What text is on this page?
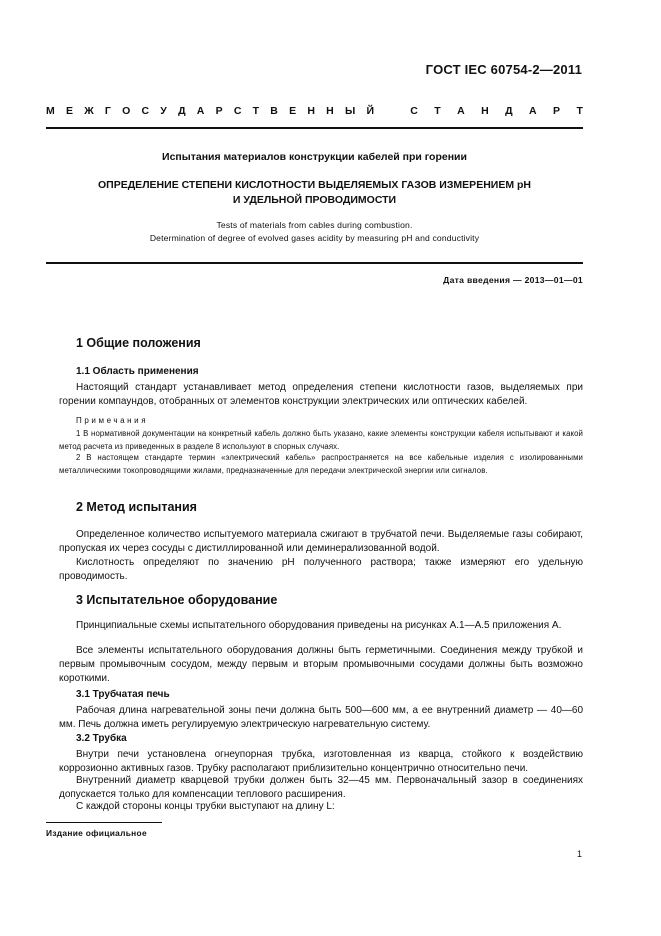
ГОСТ IEC 60754-2—2011
М Е Ж Г О С У Д А Р С Т В Е Н Н Ы Й	С Т А Н Д А Р Т
Испытания материалов конструкции кабелей при горении
ОПРЕДЕЛЕНИЕ СТЕПЕНИ КИСЛОТНОСТИ ВЫДЕЛЯЕМЫХ ГАЗОВ ИЗМЕРЕНИЕМ рН
И УДЕЛЬНОЙ ПРОВОДИМОСТИ
Tests of materials from cables during combustion.
Determination of degree of evolved gases acidity by measuring pH and conductivity
Дата введения — 2013—01—01
1 Общие положения
1.1 Область применения

Настоящий стандарт устанавливает метод определения степени кислотности газов, выделяемых при горении компаундов, отобранных от элементов конструкции электрических или оптических кабелей.

Примечания

1 В нормативной документации на конкретный кабель должно быть указано, какие элементы конструкции кабеля испытывают и какой метод расчета из приведенных в разделе 8 используют в спорных случаях.

2 В настоящем стандарте термин «электрический кабель» распространяется на все кабельные изделия с изолированными металлическими токопроводящими жилами, предназначенные для передачи электрической энергии или сигналов.

2 Метод испытания

Определенное количество испытуемого материала сжигают в трубчатой печи. Выделяемые газы собирают, пропуская их через сосуды с дистиллированной или деминерализованной водой.

Кислотность определяют по значению рН полученного раствора; также измеряют его удельную проводимость.

3 Испытательное оборудование

Принципиальные схемы испытательного оборудования приведены на рисунках А.1—А.5 приложения А.

Все элементы испытательного оборудования должны быть герметичными. Соединения между трубкой и первым промывочным сосудом, между первым и вторым промывочными сосудами должны быть возможно короткими.

3.1 Трубчатая печь

Рабочая длина нагревательной зоны печи должна быть 500—600 мм, а ее внутренний диаметр — 40—60 мм. Печь должна иметь регулируемую электрическую нагревательную систему.

3.2 Трубка

Внутри печи установлена огнеупорная трубка, изготовленная из кварца, стойкого к воздействию коррозионно активных газов. Трубку располагают приблизительно концентрично относительно печи.

Внутренний диаметр кварцевой трубки должен быть 32—45 мм. Первоначальный зазор в соединениях допускается только для компенсации теплового расширения.

С каждой стороны концы трубки выступают на длину L:

Издание официальное
1
